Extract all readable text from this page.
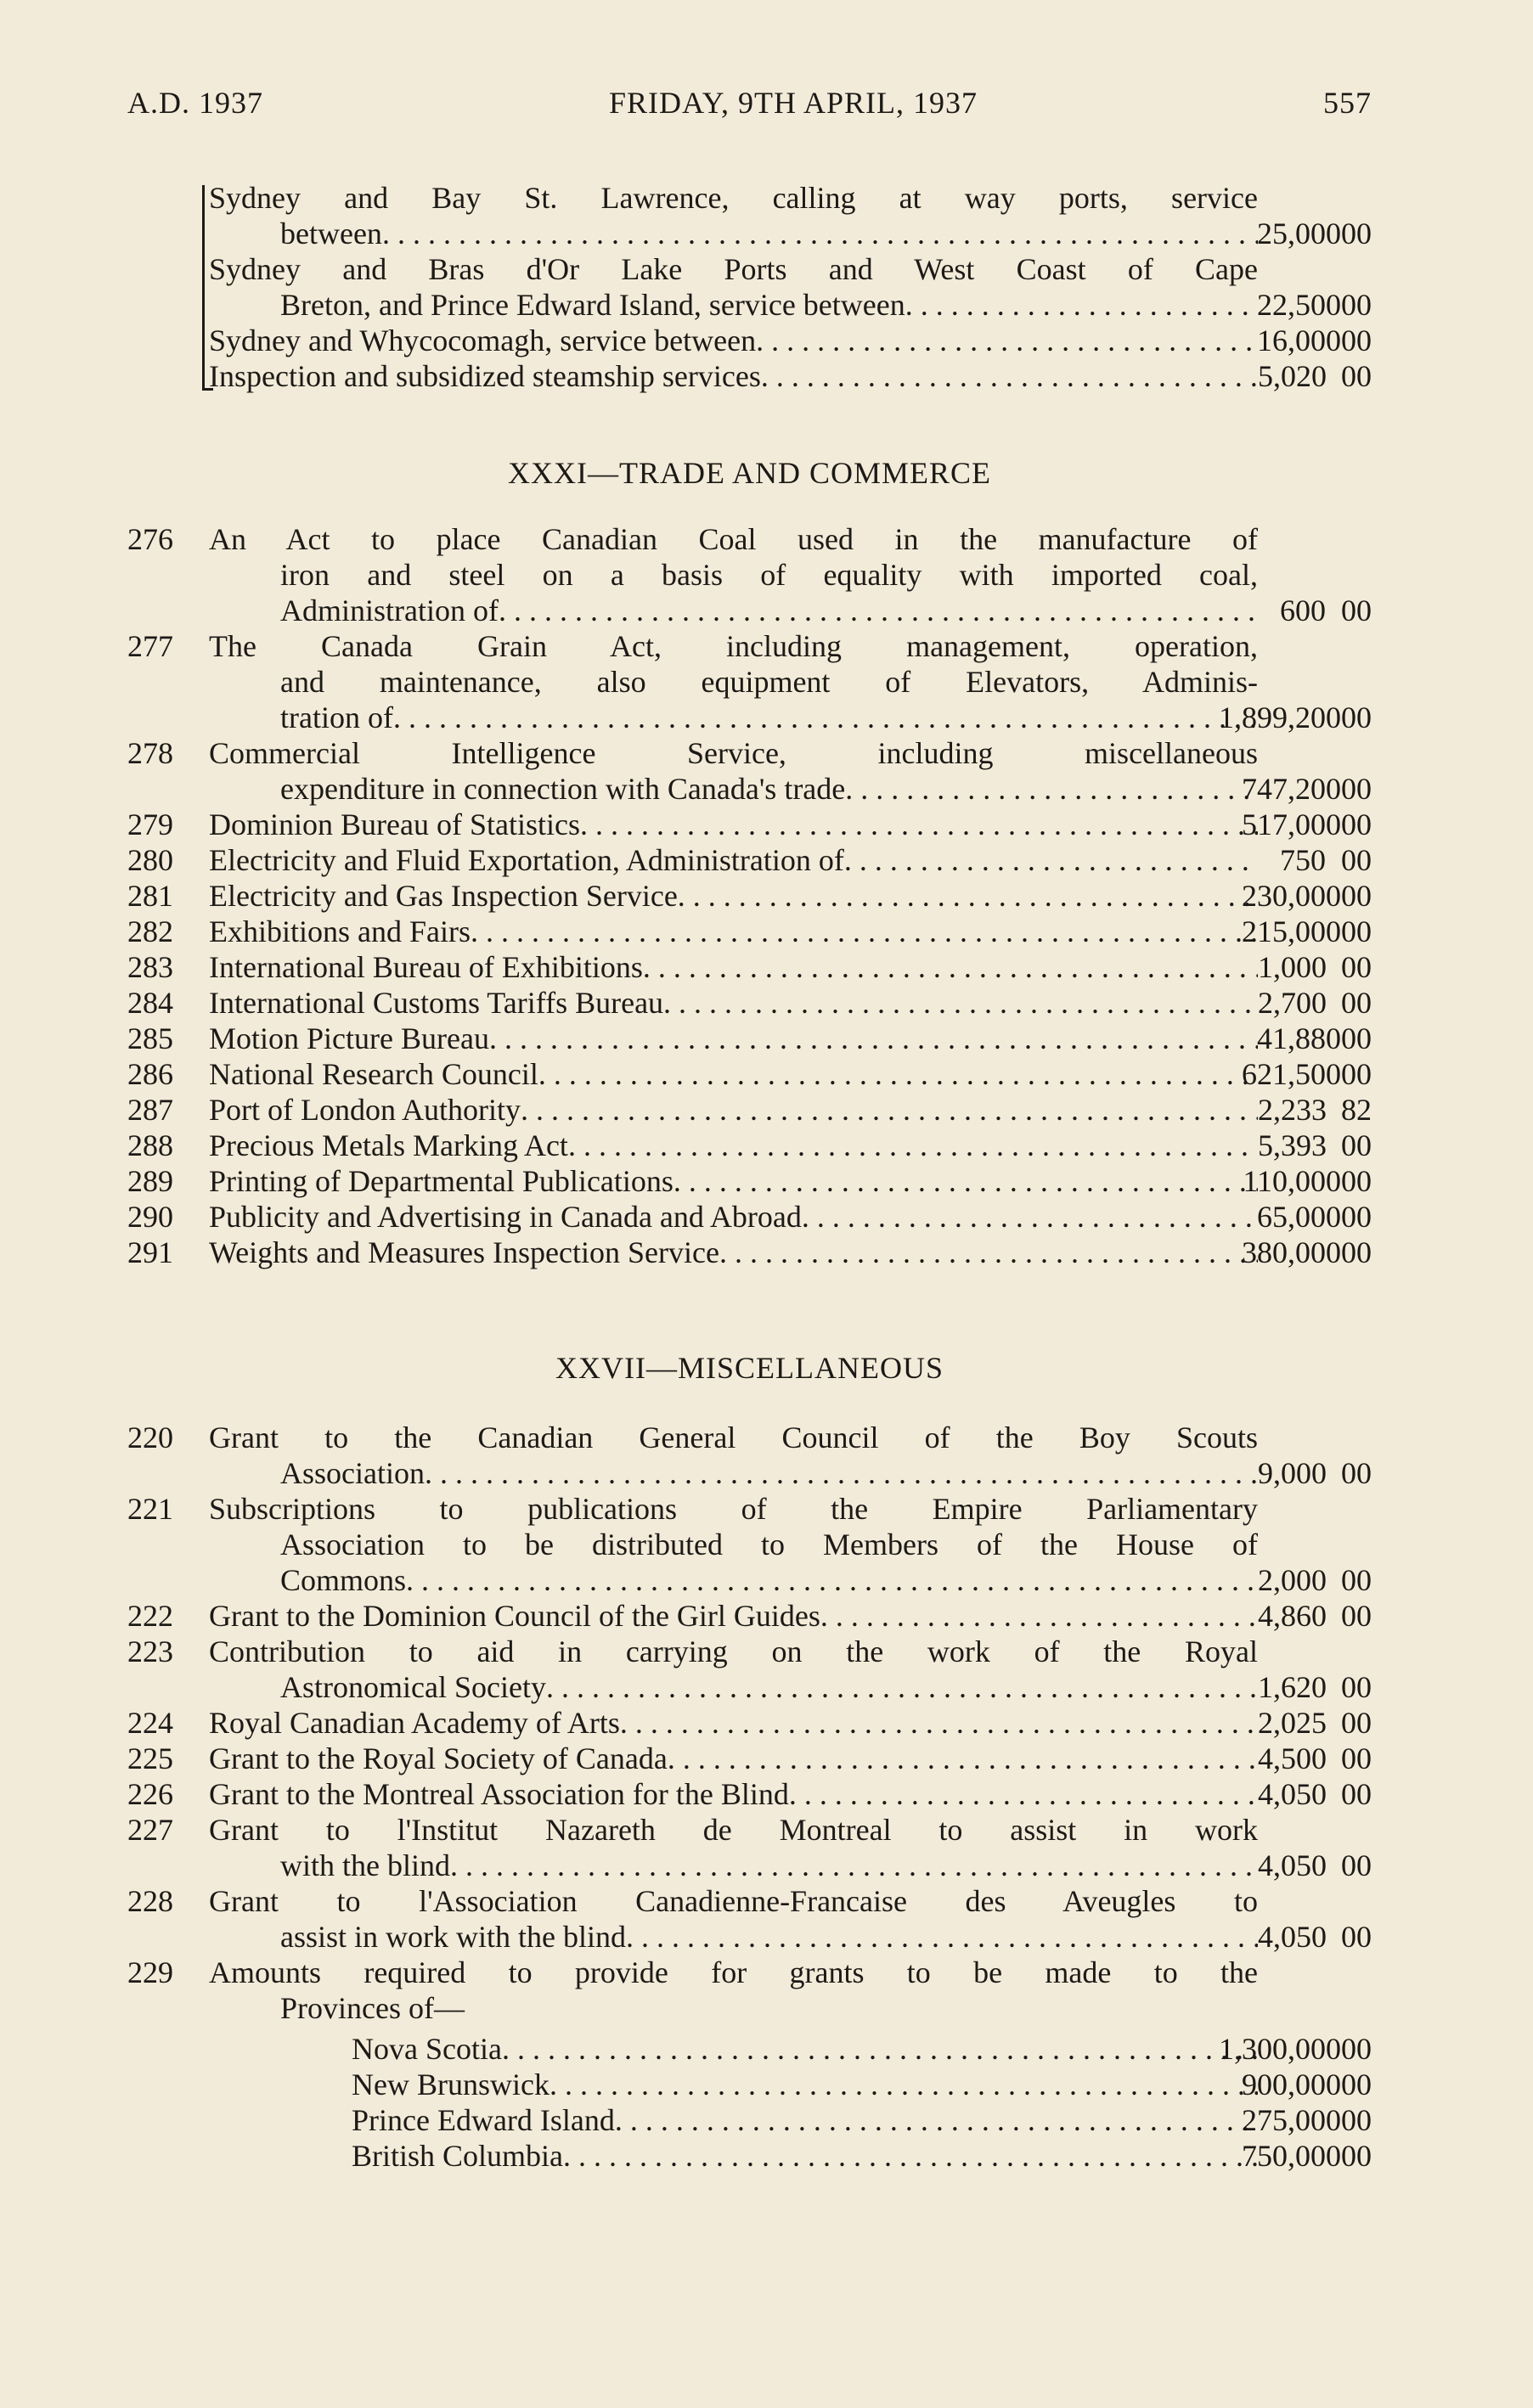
A.D. 1937	FRIDAY, 9TH APRIL, 1937	557
Sydney and Bay St. Lawrence, calling at way ports, service
between . . .	25,000 00
Sydney and Bras d'Or Lake Ports and West Coast of Cape
Breton, and Prince Edward Island, service between . . .	22,500 00
Sydney and Whycocomagh, service between . . .	16,000 00
Inspection and subsidized steamship services . . .	5,020 00
XXXI—TRADE AND COMMERCE
276	An Act to place Canadian Coal used in the manufacture of
iron and steel on a basis of equality with imported coal,
Administration of . . .	600 00
277	The Canada Grain Act, including management, operation,
and maintenance, also equipment of Elevators, Adminis-
tration of . . .	1,899,200 00
278	Commercial Intelligence Service, including miscellaneous
expenditure in connection with Canada's trade . . .	747,200 00
279	Dominion Bureau of Statistics . . .	517,000 00
280	Electricity and Fluid Exportation, Administration of . . .	750 00
281	Electricity and Gas Inspection Service . . .	230,000 00
282	Exhibitions and Fairs . . .	215,000 00
283	International Bureau of Exhibitions . . .	1,000 00
284	International Customs Tariffs Bureau . . .	2,700 00
285	Motion Picture Bureau . . .	41,880 00
286	National Research Council . . .	621,500 00
287	Port of London Authority . . .	2,233 82
288	Precious Metals Marking Act . . .	5,393 00
289	Printing of Departmental Publications . . .	110,000 00
290	Publicity and Advertising in Canada and Abroad . . .	65,000 00
291	Weights and Measures Inspection Service . . .	380,000 00
XXVII—MISCELLANEOUS
220	Grant to the Canadian General Council of the Boy Scouts
Association . . .	9,000 00
221	Subscriptions to publications of the Empire Parliamentary
Association to be distributed to Members of the House of
Commons . . .	2,000 00
222	Grant to the Dominion Council of the Girl Guides . . .	4,860 00
223	Contribution to aid in carrying on the work of the Royal
Astronomical Society . . .	1,620 00
224	Royal Canadian Academy of Arts . . .	2,025 00
225	Grant to the Royal Society of Canada . . .	4,500 00
226	Grant to the Montreal Association for the Blind . . .	4,050 00
227	Grant to l'Institut Nazareth de Montreal to assist in work
with the blind . . .	4,050 00
228	Grant to l'Association Canadienne-Francaise des Aveugles to
assist in work with the blind . . .	4,050 00
229	Amounts required to provide for grants to be made to the
Provinces of—
Nova Scotia . . .	1,300,000 00
New Brunswick . . .	900,000 00
Prince Edward Island . . .	275,000 00
British Columbia . . .	750,000 00
